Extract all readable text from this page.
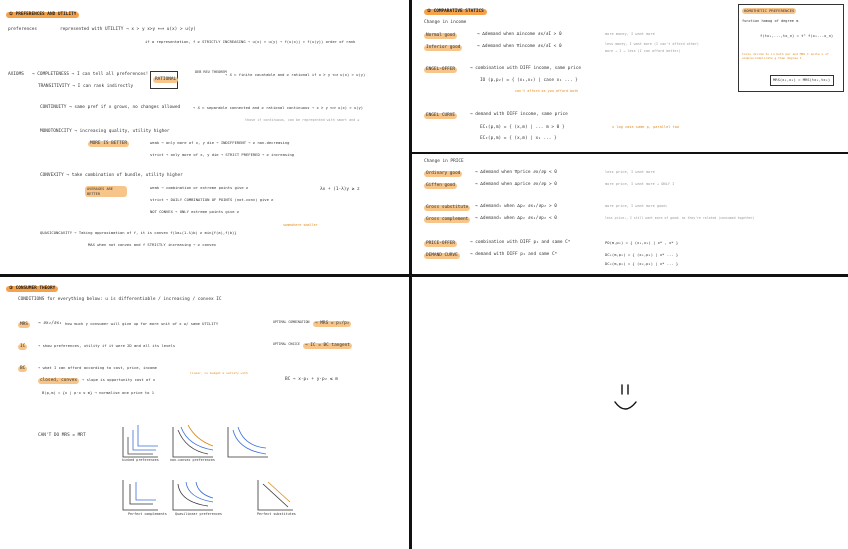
① PREFERENCES AND UTILITY
preferences	represented with UTILITY → x ≻ y x≻y ⟺ u(x) > u(y)
if a representation, f ≥ STRICTLY INCREASING → u(x) > u(y) → f(u(x)) > f(u(y)) order of rank
AXIOMS → COMPLETENESS → I can tell all preferences!
TRANSITIVITY → I can rank indirectly
RATIONAL
DEB REU THEOREM
→ X ⊂ finite countable and ≥ rational if x ≻ y ⟺ u(x) > u(y)
CONTINUITY → same pref if x grows, no changes allowed	→ X ⊂ separable connected and ≥ rational continuous → x ≻ y ⟺ u(x) > u(y)
those if continuous, can be represented with smart and ≥
MONOTONICITY → increasing quality, utility higher
MORE IS BETTER	weak → only more of x, y die → INDIFFERENT → ≥ non-decreasing
strict → only more of x, y die → STRICT PREFERED → ≥ increasing
CONVEXITY → take combination of bundle, utility higher
AVERAGES ARE BETTER
weak → combination or extreme points give ≥
strict → DAILY COMBINATION OF POINTS (not-conv) give ≥
λx + (1-λ)y ≥ z
NOT CONVEX → ONLY extreme points give ≥
QUASICONCAVITY → Taking approximation of f, it is convex f(λa+(1-λ)b) ≥ min{f(a),f(b)}
somewhere smaller
MAX when not convex and f STRICTLY increasing → ≥ convex
② COMPARATIVE STATICS
Change in income
Normal good	→ ∆demand when ∆income ∂x/∂I > 0	more money, I want more
Inferior good	→ ∆demand when ∇income ∂x/∂I < 0	less money, I want more (I can't afford other)
more → I → less (I can afford better)
ENGEL-OFFER	→ combination with DIFF income, same price
IO (p,p₂) = { (x₁,x₂) | case x₁ ... }
can't afford as you afford both
ENGEL CURVE	→ demand with DIFF income, same price
EC₁(p,m) = { (x,m) | ... m > 0 }
EC₂(p,m) = { (x,m) | x₁ ... }
x log case same p, parallel too
HOMOTHETIC PREFERENCES
function homog of degree m
f(tx₁,...,tx_n) = tᵐ f(x₁...x_n)
tools divide to in both par and MRS t quite u of simple/complicate g than degree 1
MRS(x₁,x₂) = MRS(tx₁,tx₂)
Change in PRICE
Ordinary good	→ ∆demand when ∇price ∂x/∂p < 0	less price, I want more
Giffen good	→ ∆demand when ∆price ∂x/∂p > 0	more price, I want more → ONLY I
Gross substitute	→ ∆demand₁ when ∆p₂ ∂x₁/∂p₂ > 0	more price, I want more good₁
Gross complement	→ ∆demand₁ when ∆p₂ ∂x₁/∂p₂ < 0	less price₁, I still want more of good₁ as they're related (consumed together)
PRICE-OFFER	→ combination with DIFF p₁ and same Cᵐ	PO(m,p₂) = { (x₁,x₂) | x* , x* }
DEMAND CURVE	→ demand with DIFF p₁ and same Cᵐ	DC₁(m,p₂) = { (x₁,p₁) | x* ... }
DC₂(m,p₂) = { (x₂,p₂) | x* ... }
③ CONSUMER THEORY
CONDITIONS for everything below: u is differentiable / increasing / convex IC
MRS	→ ∂x₂/∂x₁ how much y consumer will give up for more unit of x w/ same UTILITY	OPTIMAL COMBINATION	→ MRS = p₁/p₂
IC	→ show preferences, utility if it were 2D and all its levels	OPTIMAL CHOICE	→ IC = BC tangent
BC	→ what I can afford according to cost, price, income
closed, convex	→ slope is opportunity cost of x
linear, no budget ≥ satisfy with
B(p,m) = {x | p·x ≤ m} → normalise one price to 1
BC → x·p₁ + y·p₂ ≤ m
CAN'T DO MRS = MRT
kinked preferences	non-convex preferences
Perfect complements Quasilinear preferences	Perfect substitutes
